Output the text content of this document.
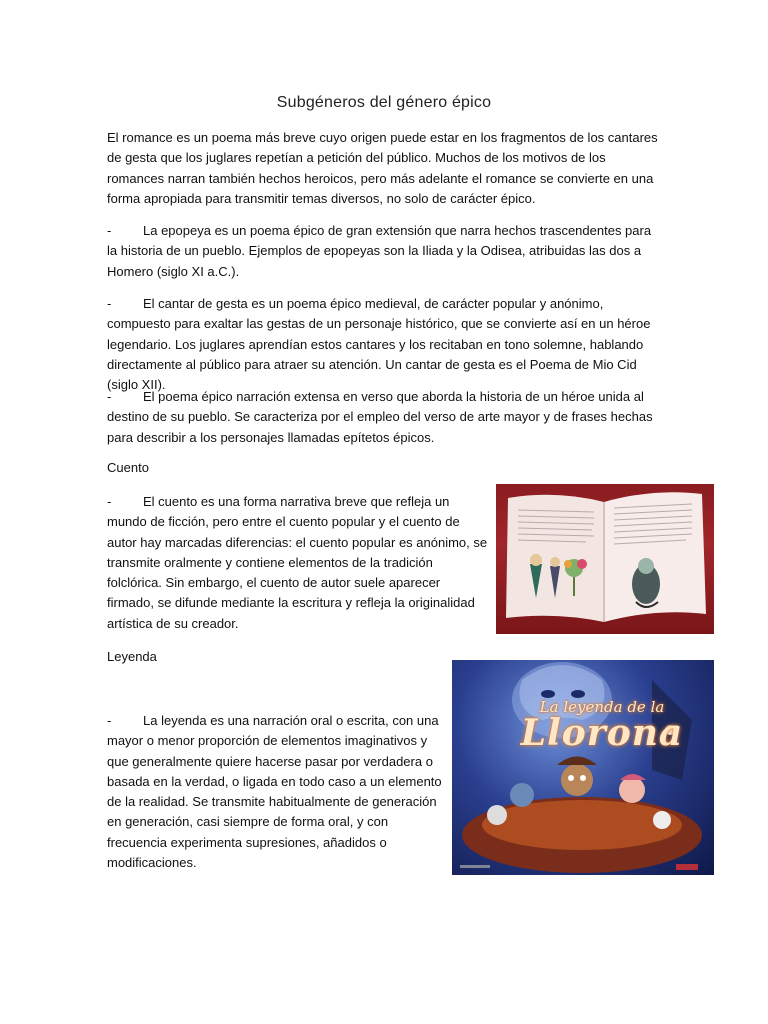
Subgéneros del género épico

El romance es un poema más breve cuyo origen puede estar en los fragmentos de los cantares de gesta que los juglares repetían a petición del público. Muchos de los motivos de los romances narran también hechos heroicos, pero más adelante el romance se convierte en una forma apropiada para transmitir temas diversos, no solo de carácter épico.

- La epopeya es un poema épico de gran extensión que narra hechos trascendentes para la historia de un pueblo. Ejemplos de epopeyas son la Iliada y la Odisea, atribuidas las dos a Homero (siglo XI a.C.).

- El cantar de gesta es un poema épico medieval, de carácter popular y anónimo, compuesto para exaltar las gestas de un personaje histórico, que se convierte así en un héroe legendario. Los juglares aprendían estos cantares y los recitaban en tono solemne, hablando directamente al público para atraer su atención. Un cantar de gesta es el Poema de Mio Cid (siglo XII).

- El poema épico narración extensa en verso que aborda la historia de un héroe unida al destino de su pueblo. Se caracteriza por el empleo del verso de arte mayor y de frases hechas para describir a los personajes llamadas epítetos épicos.

Cuento

- El cuento es una forma narrativa breve que refleja un mundo de ficción, pero entre el cuento popular y el cuento de autor hay marcadas diferencias: el cuento popular es anónimo, se transmite oralmente y contiene elementos de la tradición folclórica. Sin embargo, el cuento de autor suele aparecer firmado, se difunde mediante la escritura y refleja la originalidad artística de su creador.

Leyenda

- La leyenda es una narración oral o escrita, con una mayor o menor proporción de elementos imaginativos y que generalmente quiere hacerse pasar por verdadera o basada en la verdad, o ligada en todo caso a un elemento de la realidad. Se transmite habitualmente de generación en generación, casi siempre de forma oral, y con frecuencia experimenta supresiones, añadidos o modificaciones.

La leyenda de la
Llorona
